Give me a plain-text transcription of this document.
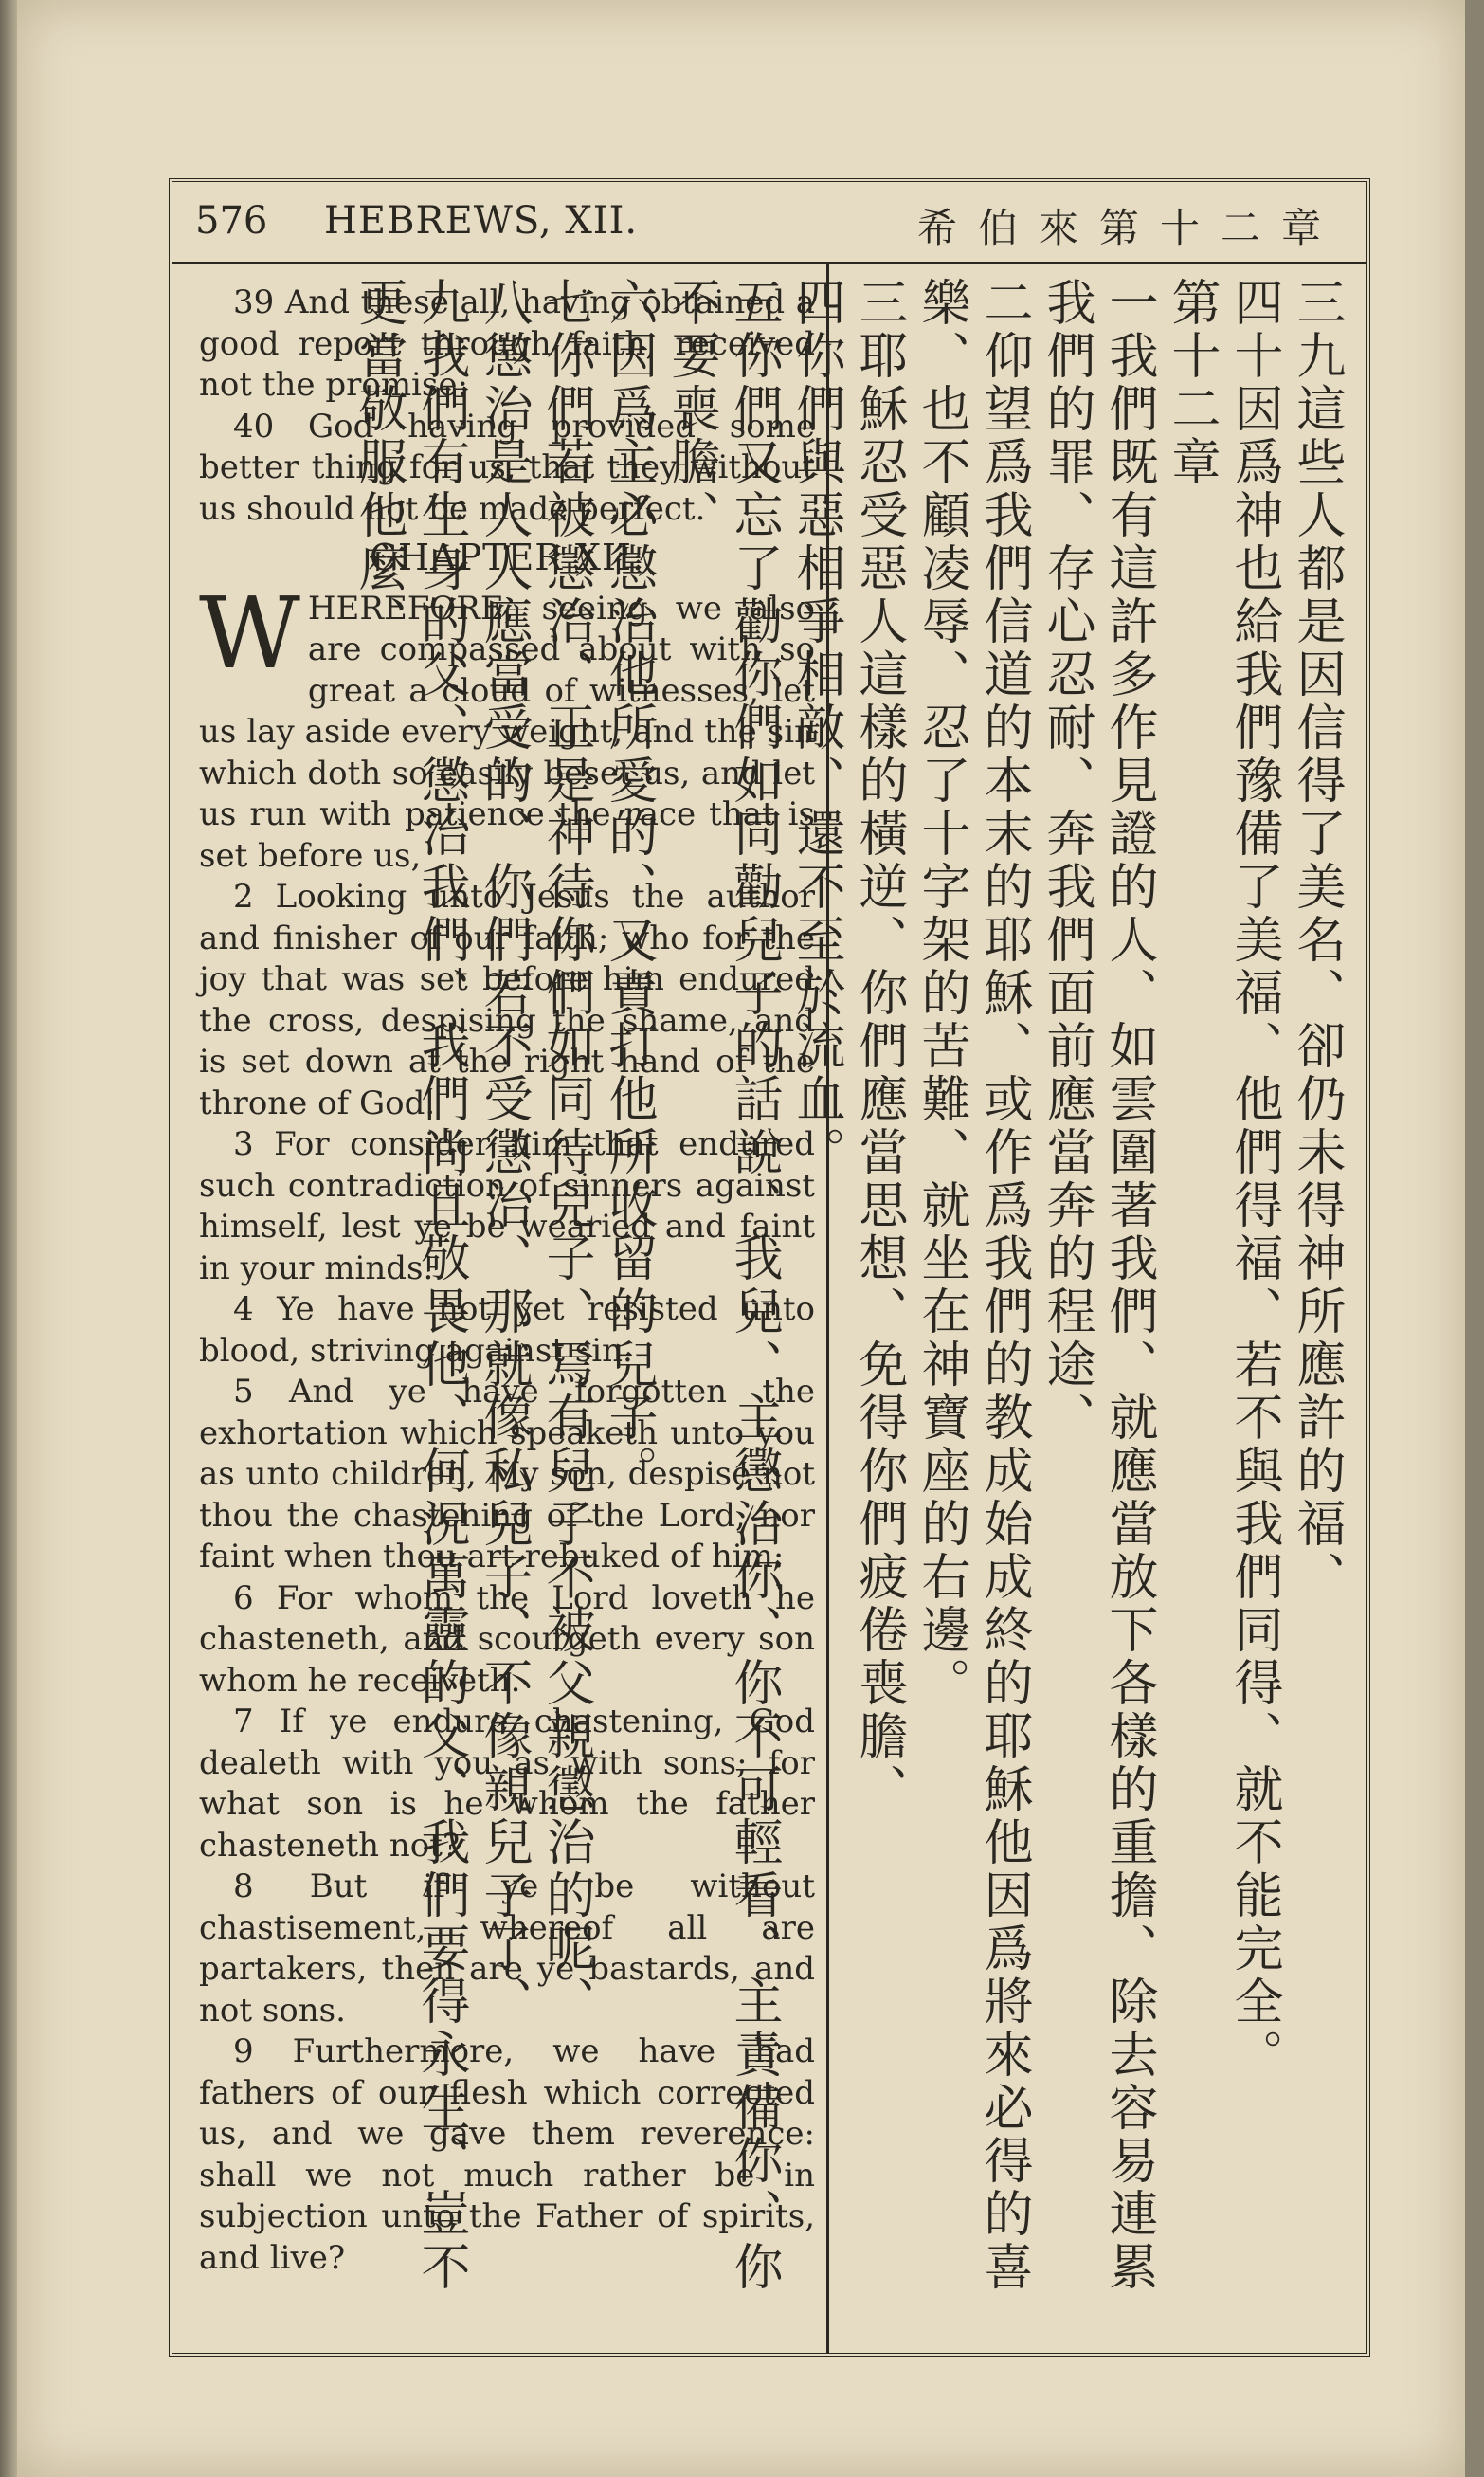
576 HEBREWS, XII.	希伯來第十二章

39 And these all, having obtained a good report through faith, received not the promise:

40 God having provided some better thing for us, that they without us should not be made perfect.

CHAPTER XII.

W HEREFORE, seeing we also are compassed about with so great a cloud of witnesses, let us lay aside every weight, and the sin which doth so easily beset us, and let us run with patience the race that is set before us,

2 Looking unto Jesus the author and finisher of our faith; who for the joy that was set before him endured the cross, despising the shame, and is set down at the right hand of the throne of God.

3 For consider him that endured such contradiction of sinners against himself, lest ye be wearied and faint in your minds.

4 Ye have not yet resisted unto blood, striving against sin.

5 And ye have forgotten the exhortation which speaketh unto you as unto children, My son, despise not thou the chastening of the Lord, nor faint when thou art rebuked of him:

6 For whom the Lord loveth he chasteneth, and scourgeth every son whom he receiveth.

7 If ye endure chastening, God dealeth with you as with sons; for what son is he whom the father chasteneth not?

8 But if ye be without chastisement, whereof all are partakers, then are ye bastards, and not sons.

9 Furthermore, we have had fathers of our flesh which corrected us, and we gave them reverence: shall we not much rather be in subjection unto the Father of spirits, and live?

三九這些人都是因信得了美名、卻仍未得神所應許的福、

四十因爲神也給我們豫備了美福、他們得福、若不與我們同得、就不能完全。

第十二章

一我們既有這許多作見證的人、如雲圍著我們、就應當放下各樣的重擔、除去容易連累我們的罪、存心忍耐、奔我們面前應當奔的程途、

二仰望爲我們信道的本末的耶穌、或作爲我們的教成始成終的耶穌他因爲將來必得的喜樂、也不顧凌辱、忍了十字架的苦難、就坐在神寶座的右邊。

三耶穌忍受惡人這樣的橫逆、你們應當思想、免得你們疲倦喪膽、

四你們與惡相爭相敵、還不至於流血。

五你們又忘了勸你們如同勸兒子的話說、我兒、主懲治你、你不可輕看、主責備你、你不要喪膽、

六因爲主必懲治他所愛的、又責打他所收留的兒子。

七你們若被懲治、正是神待你們如同待兒子、焉有兒子不被父親懲治的呢、

八懲治是人人應當受的、你們若不受懲治、那就像私兒子、不像親兒子了、

九我們有生身的父、懲治我們、我們尚且敬畏他、何況萬靈的父、我們要得永生、豈不更當敬服他麼、
